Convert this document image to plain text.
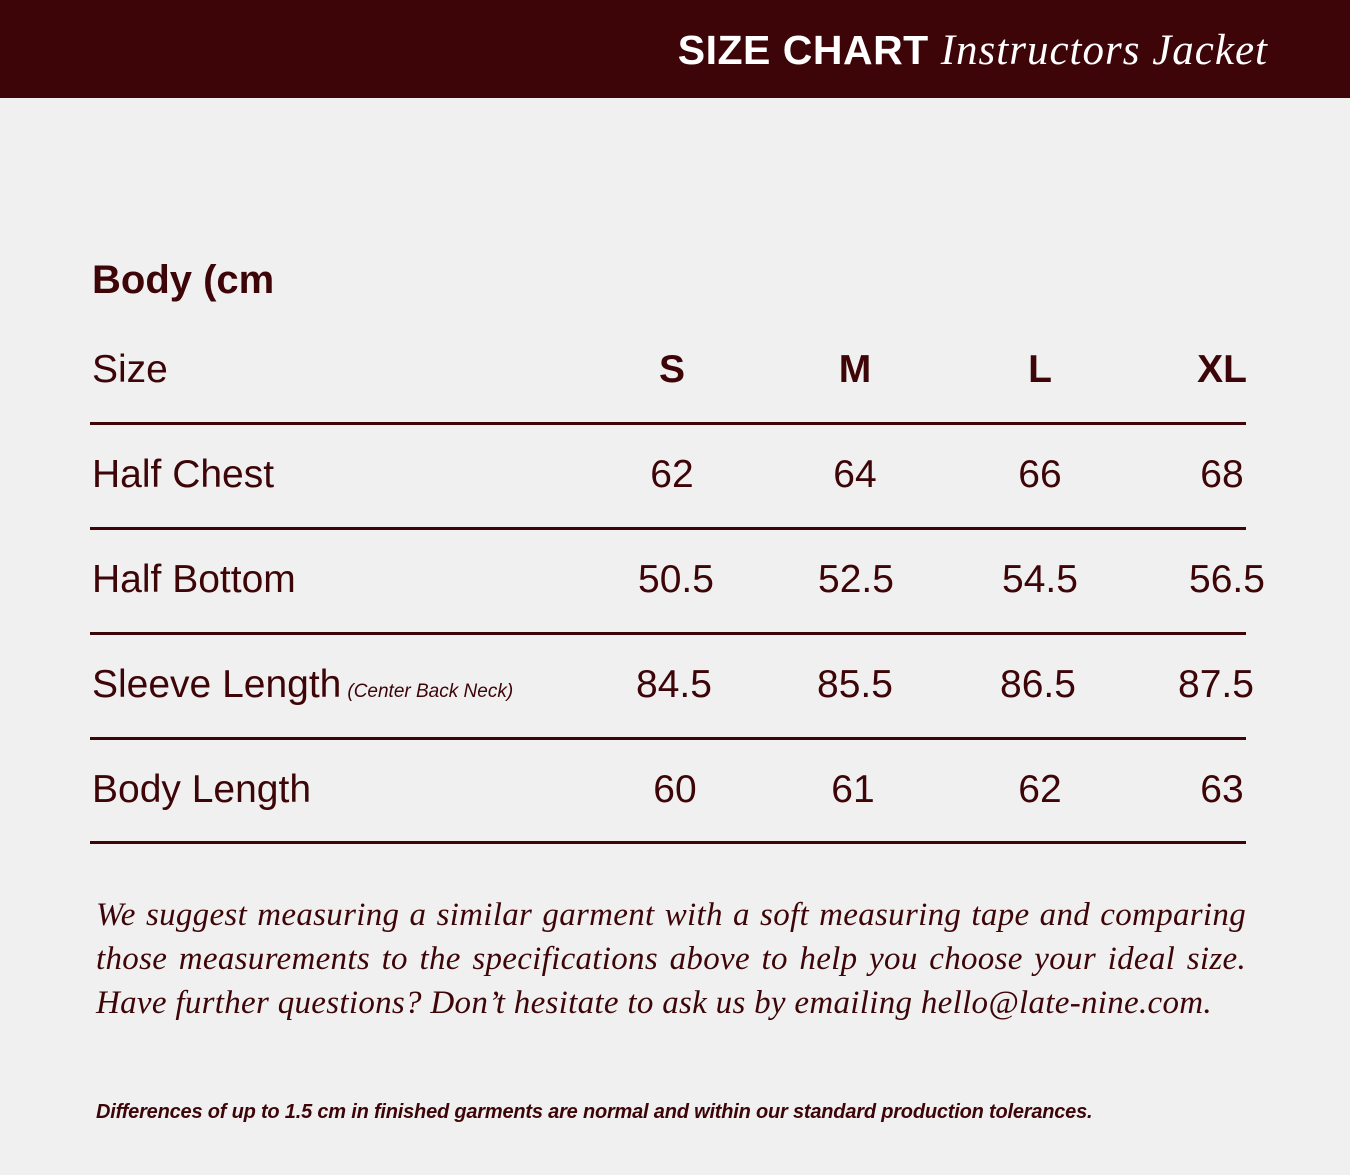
SIZE CHART Instructors Jacket
Body (cm
Size	S	M	L	XL
Half Chest	62	64	66	68
Half Bottom	50.5	52.5	54.5	56.5
Sleeve Length (Center Back Neck)	84.5	85.5	86.5	87.5
Body Length	60	61	62	63
We suggest measuring a similar garment with a soft measuring tape and comparing those measurements to the specifications above to help you choose your ideal size. Have further questions? Don’t hesitate to ask us by emailing hello@late-nine.com.
Differences of up to 1.5 cm in finished garments are normal and within our standard production tolerances.
